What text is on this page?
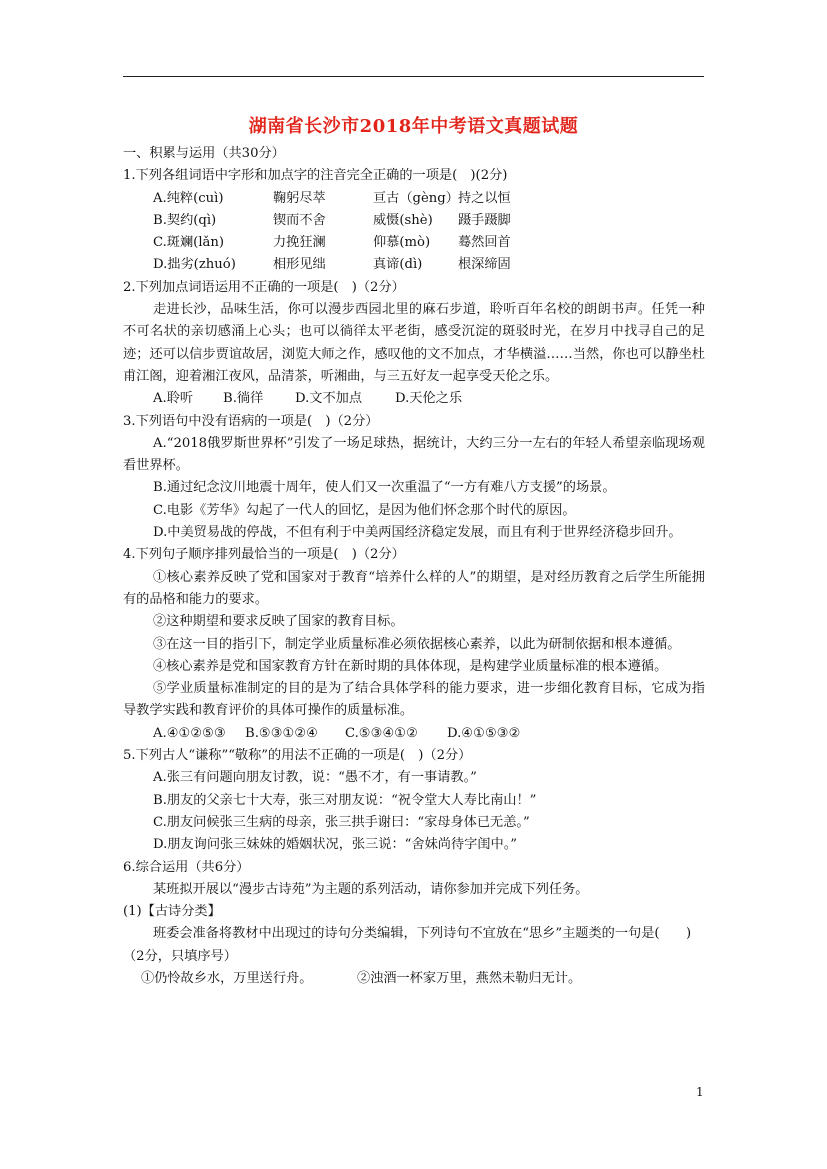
湖南省长沙市2018年中考语文真题试题
一、积累与运用（共30分）
1.下列各组词语中字形和加点字的注音完全正确的一项是(　)(2分)
A.纯粹(cuì)	鞠躬尽萃	亘古（gèng）持之以恒
B.契约(qì)	锲而不舍	威慑(shè) 蹑手蹑脚
C.斑斓(lǎn)	力挽狂澜	仰慕(mò) 蓦然回首
D.拙劣(zhuó)	相形见绌	真谛(dì)	根深缔固
2.下列加点词语运用不正确的一项是(　)（2分）
走进长沙，品味生活，你可以漫步西园北里的麻石步道，聆听百年名校的朗朗书声。任凭一种不可名状的亲切感涌上心头；也可以徜徉太平老街，感受沉淀的斑驳时光，在岁月中找寻自己的足迹；还可以信步贾谊故居，浏览大师之作，感叹他的文不加点，才华横溢……当然，你也可以静坐杜甫江阁，迎着湘江夜风，品清茶，听湘曲，与三五好友一起享受天伦之乐。
A.聆听 B.徜徉 D.文不加点 D.天伦之乐
3.下列语句中没有语病的一项是(　)（2分）
A.“2018俄罗斯世界杯”引发了一场足球热，据统计，大约三分一左右的年轻人希望亲临现场观看世界杯。
B.通过纪念汶川地震十周年，使人们又一次重温了“一方有难八方支援”的场景。
C.电影《芳华》勾起了一代人的回忆，是因为他们怀念那个时代的原因。
D.中美贸易战的停战，不但有利于中美两国经济稳定发展，而且有利于世界经济稳步回升。
4.下列句子顺序排列最恰当的一项是(　)（2分）
①核心素养反映了党和国家对于教育“培养什么样的人”的期望，是对经历教育之后学生所能拥有的品格和能力的要求。
②这种期望和要求反映了国家的教育目标。
③在这一目的指引下，制定学业质量标准必须依据核心素养，以此为研制依据和根本遵循。
④核心素养是党和国家教育方针在新时期的具体体现，是构建学业质量标准的根本遵循。
⑤学业质量标准制定的目的是为了结合具体学科的能力要求，进一步细化教育目标，它成为指导教学实践和教育评价的具体可操作的质量标准。
A.④①②⑤③ B.⑤③①②④ C.⑤③④①② D.④①⑤③②
5.下列古人“谦称”“敬称”的用法不正确的一项是(　)（2分）
A.张三有问题向朋友讨教，说：“愚不才，有一事请教。”
B.朋友的父亲七十大寿，张三对朋友说：“祝令堂大人寿比南山！”
C.朋友问候张三生病的母亲，张三拱手谢曰：“家母身体已无恙。”
D.朋友询问张三妹妹的婚姻状况，张三说：“舍妹尚待字闺中。”
6.综合运用（共6分）
某班拟开展以“漫步古诗苑”为主题的系列活动，请你参加并完成下列任务。
(1)【古诗分类】
班委会准备将教材中出现过的诗句分类编辑，下列诗句不宜放在“思乡”主题类的一句是(　　)
（2分，只填序号）
①仍怜故乡水，万里送行舟。	②浊酒一杯家万里，燕然未勒归无计。
1
